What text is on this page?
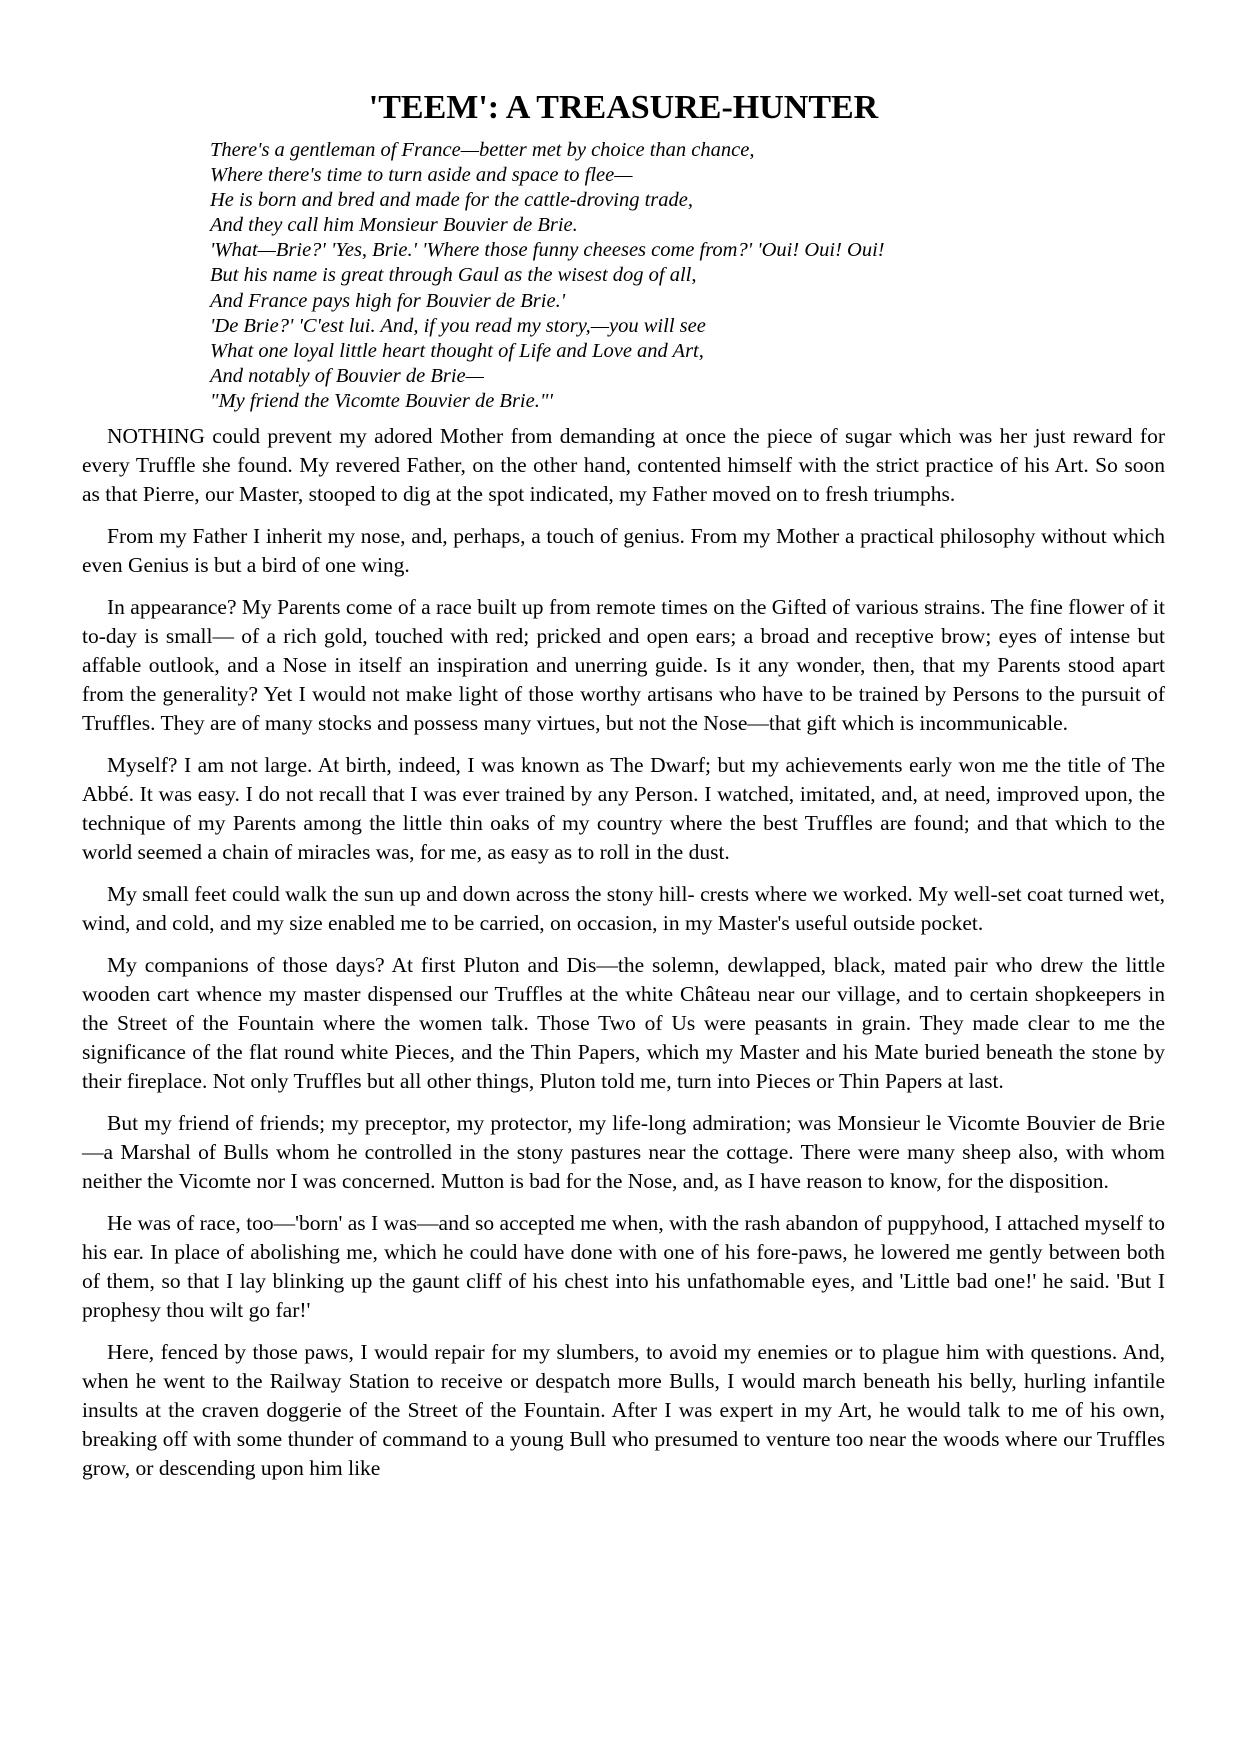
'TEEM': A TREASURE-HUNTER
There's a gentleman of France—better met by choice than chance,
Where there's time to turn aside and space to flee—
He is born and bred and made for the cattle-droving trade,
And they call him Monsieur Bouvier de Brie.
'What—Brie?' 'Yes, Brie.' 'Where those funny cheeses come from?' 'Oui! Oui! Oui!
But his name is great through Gaul as the wisest dog of all,
And France pays high for Bouvier de Brie.'
'De Brie?' 'C'est lui. And, if you read my story,—you will see
What one loyal little heart thought of Life and Love and Art,
And notably of Bouvier de Brie—
"My friend the Vicomte Bouvier de Brie."'

NOTHING could prevent my adored Mother from demanding at once the piece of sugar which was her just reward for every Truffle she found. My revered Father, on the other hand, contented himself with the strict practice of his Art. So soon as that Pierre, our Master, stooped to dig at the spot indicated, my Father moved on to fresh triumphs.

From my Father I inherit my nose, and, perhaps, a touch of genius. From my Mother a practical philosophy without which even Genius is but a bird of one wing.

In appearance? My Parents come of a race built up from remote times on the Gifted of various strains. The fine flower of it to-day is small— of a rich gold, touched with red; pricked and open ears; a broad and receptive brow; eyes of intense but affable outlook, and a Nose in itself an inspiration and unerring guide. Is it any wonder, then, that my Parents stood apart from the generality? Yet I would not make light of those worthy artisans who have to be trained by Persons to the pursuit of Truffles. They are of many stocks and possess many virtues, but not the Nose—that gift which is incommunicable.

Myself? I am not large. At birth, indeed, I was known as The Dwarf; but my achievements early won me the title of The Abbé. It was easy. I do not recall that I was ever trained by any Person. I watched, imitated, and, at need, improved upon, the technique of my Parents among the little thin oaks of my country where the best Truffles are found; and that which to the world seemed a chain of miracles was, for me, as easy as to roll in the dust.

My small feet could walk the sun up and down across the stony hill- crests where we worked. My well-set coat turned wet, wind, and cold, and my size enabled me to be carried, on occasion, in my Master's useful outside pocket.

My companions of those days? At first Pluton and Dis—the solemn, dewlapped, black, mated pair who drew the little wooden cart whence my master dispensed our Truffles at the white Château near our village, and to certain shopkeepers in the Street of the Fountain where the women talk. Those Two of Us were peasants in grain. They made clear to me the significance of the flat round white Pieces, and the Thin Papers, which my Master and his Mate buried beneath the stone by their fireplace. Not only Truffles but all other things, Pluton told me, turn into Pieces or Thin Papers at last.

But my friend of friends; my preceptor, my protector, my life-long admiration; was Monsieur le Vicomte Bouvier de Brie—a Marshal of Bulls whom he controlled in the stony pastures near the cottage. There were many sheep also, with whom neither the Vicomte nor I was concerned. Mutton is bad for the Nose, and, as I have reason to know, for the disposition.

He was of race, too—'born' as I was—and so accepted me when, with the rash abandon of puppyhood, I attached myself to his ear. In place of abolishing me, which he could have done with one of his fore-paws, he lowered me gently between both of them, so that I lay blinking up the gaunt cliff of his chest into his unfathomable eyes, and 'Little bad one!' he said. 'But I prophesy thou wilt go far!'

Here, fenced by those paws, I would repair for my slumbers, to avoid my enemies or to plague him with questions. And, when he went to the Railway Station to receive or despatch more Bulls, I would march beneath his belly, hurling infantile insults at the craven doggerie of the Street of the Fountain. After I was expert in my Art, he would talk to me of his own, breaking off with some thunder of command to a young Bull who presumed to venture too near the woods where our Truffles grow, or descending upon him like
